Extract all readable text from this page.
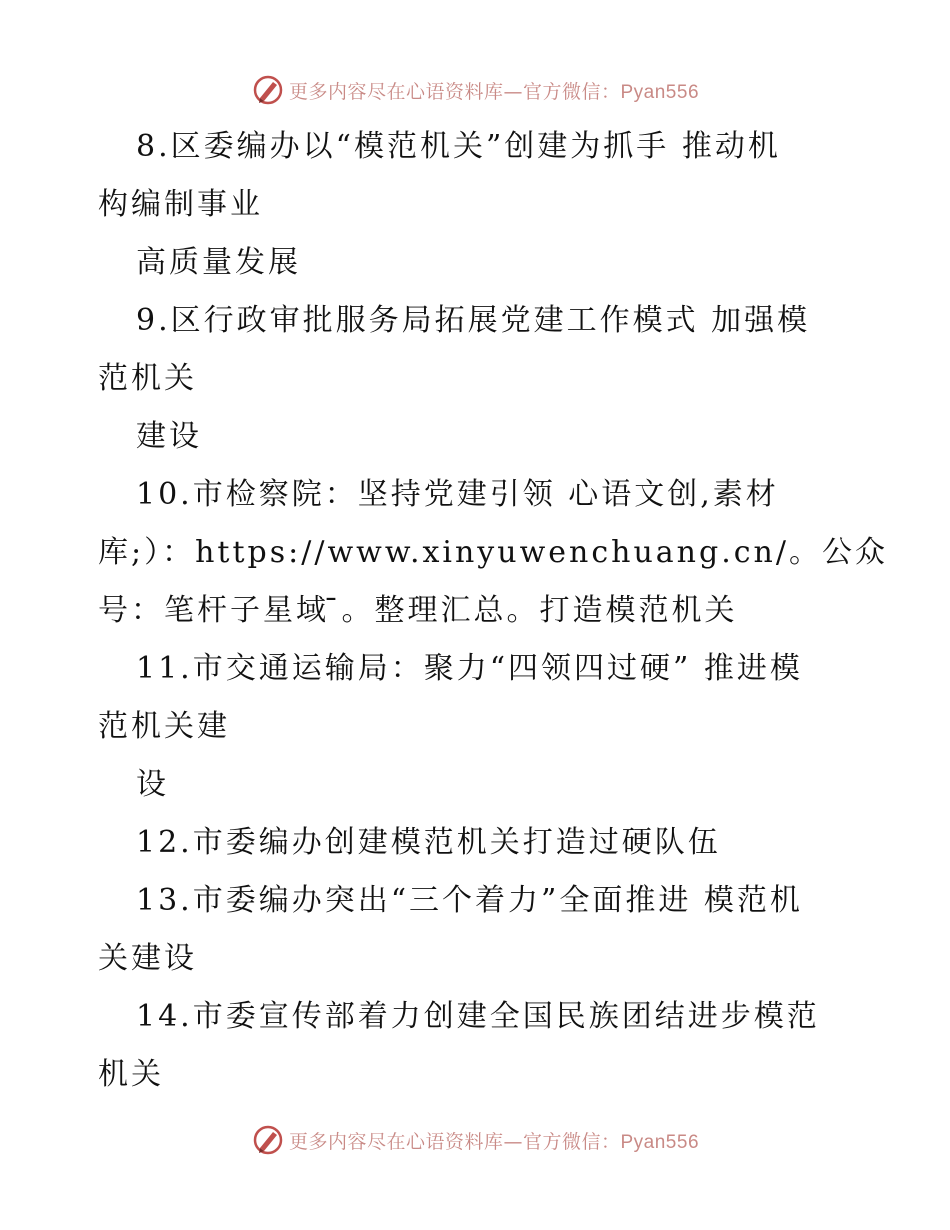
更多内容尽在心语资料库—官方微信：Pyan556
8.区委编办以“模范机关”创建为抓手 推动机
构编制事业
高质量发展
9.区行政审批服务局拓展党建工作模式 加强模
范机关
建设
10.市检察院：坚持党建引领 心语文创,素材
库;）：https://www.xinyuwenchuang.cn/。公众
号：笔杆子星域 ̄。整理汇总。打造模范机关
11.市交通运输局：聚力“四领四过硬” 推进模
范机关建
设
12.市委编办创建模范机关打造过硬队伍
13.市委编办突出“三个着力”全面推进 模范机
关建设
14.市委宣传部着力创建全国民族团结进步模范
机关
更多内容尽在心语资料库—官方微信：Pyan556
